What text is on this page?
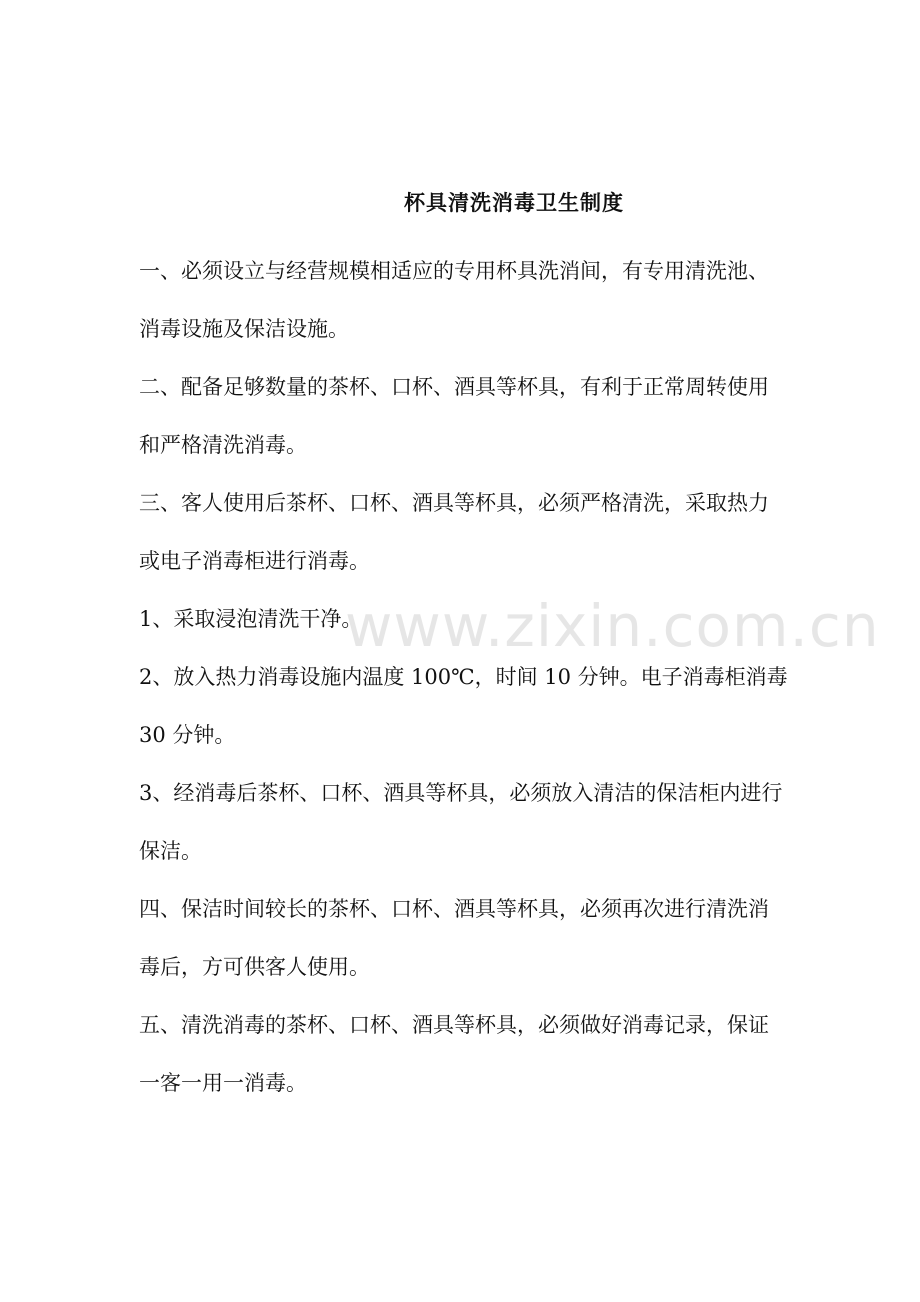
杯具清洗消毒卫生制度

一、必须设立与经营规模相适应的专用杯具洗消间，有专用清洗池、消毒设施及保洁设施。

二、配备足够数量的茶杯、口杯、酒具等杯具，有利于正常周转使用和严格清洗消毒。

三、客人使用后茶杯、口杯、酒具等杯具，必须严格清洗，采取热力或电子消毒柜进行消毒。

1、采取浸泡清洗干净。

2、放入热力消毒设施内温度 100℃，时间 10 分钟。电子消毒柜消毒 30 分钟。

3、经消毒后茶杯、口杯、酒具等杯具，必须放入清洁的保洁柜内进行保洁。

四、保洁时间较长的茶杯、口杯、酒具等杯具，必须再次进行清洗消毒后，方可供客人使用。

五、清洗消毒的茶杯、口杯、酒具等杯具，必须做好消毒记录，保证一客一用一消毒。

www.zixin.com.cn
